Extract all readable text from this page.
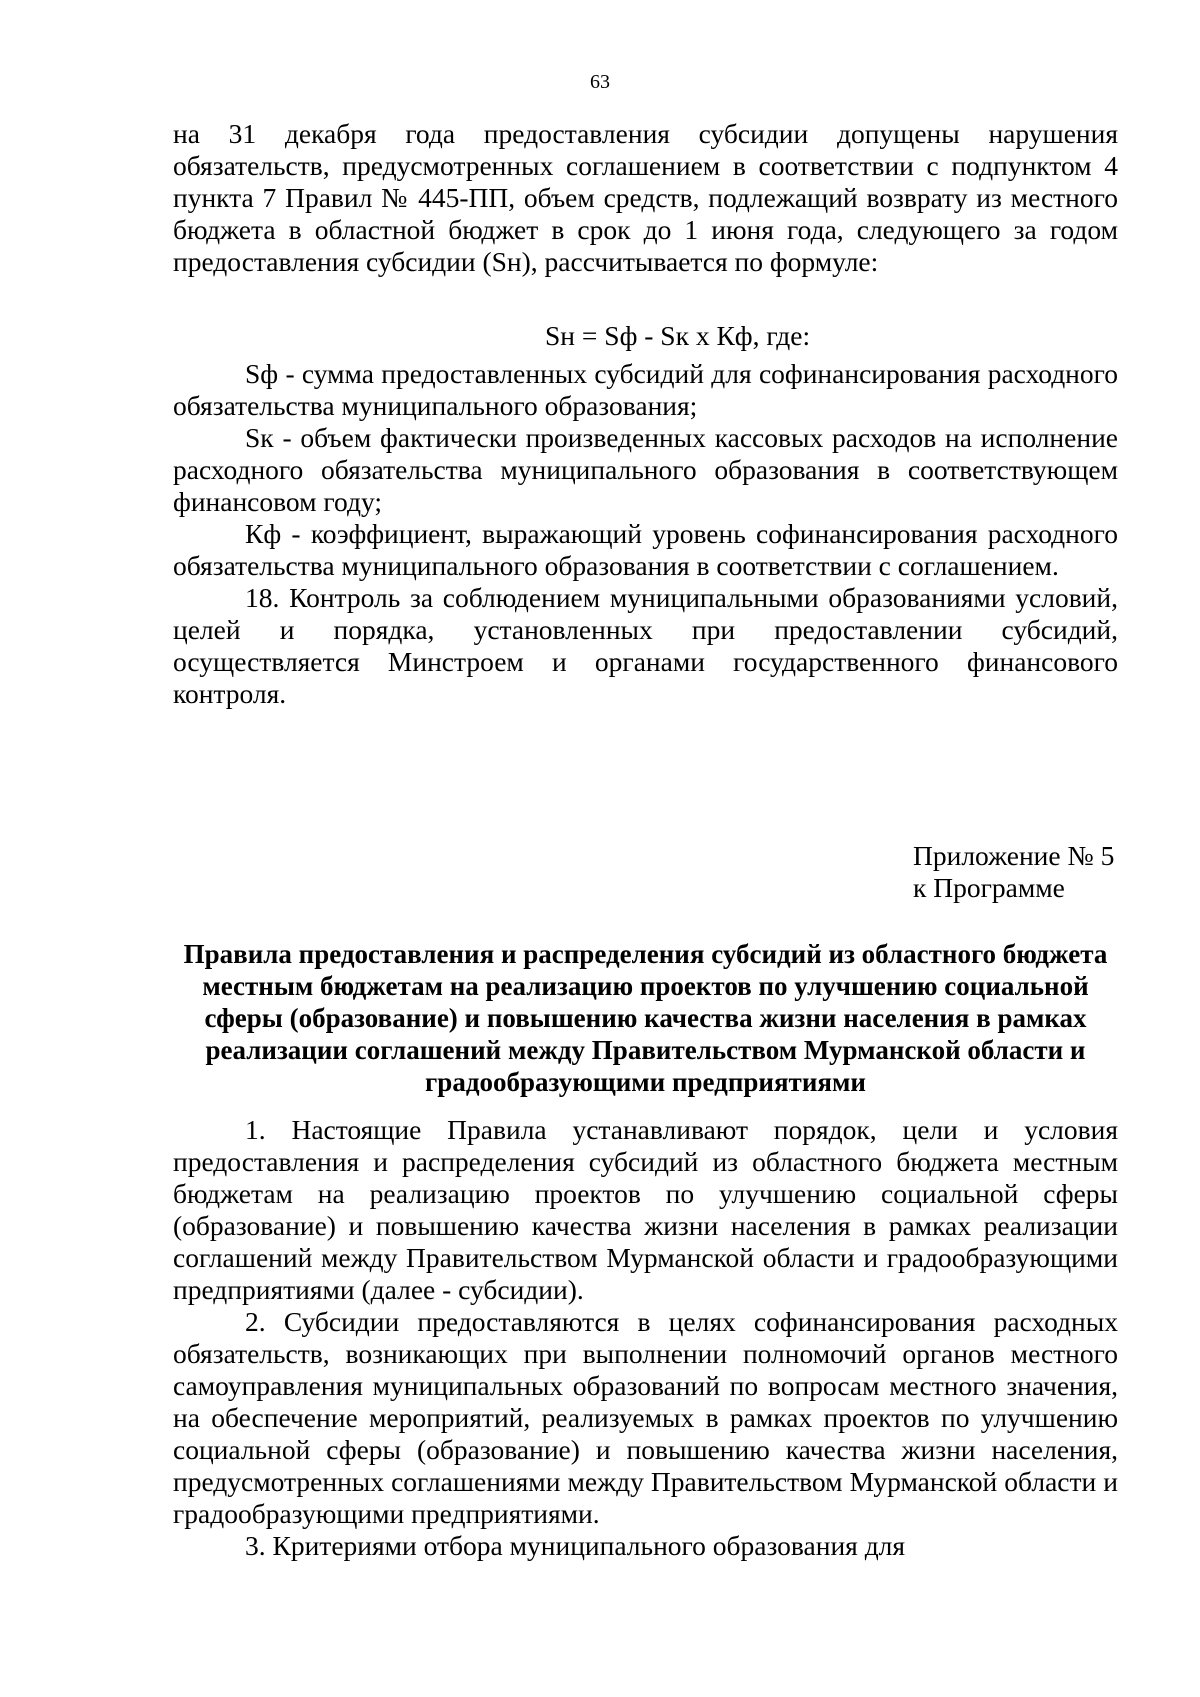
63

на 31 декабря года предоставления субсидии допущены нарушения обязательств, предусмотренных соглашением в соответствии с подпунктом 4 пункта 7 Правил № 445-ПП, объем средств, подлежащий возврату из местного бюджета в областной бюджет в срок до 1 июня года, следующего за годом предоставления субсидии (Sн), рассчитывается по формуле:

Sн = Sф - Sк x Кф, где:

Sф - сумма предоставленных субсидий для софинансирования расходного обязательства муниципального образования;

Sк - объем фактически произведенных кассовых расходов на исполнение расходного обязательства муниципального образования в соответствующем финансовом году;

Кф - коэффициент, выражающий уровень софинансирования расходного обязательства муниципального образования в соответствии с соглашением.

18. Контроль за соблюдением муниципальными образованиями условий, целей и порядка, установленных при предоставлении субсидий, осуществляется Минстроем и органами государственного финансового контроля.

Приложение № 5
к Программе
Правила предоставления и распределения субсидий из областного бюджета местным бюджетам на реализацию проектов по улучшению социальной сферы (образование) и повышению качества жизни населения в рамках реализации соглашений между Правительством Мурманской области и градообразующими предприятиями

1. Настоящие Правила устанавливают порядок, цели и условия предоставления и распределения субсидий из областного бюджета местным бюджетам на реализацию проектов по улучшению социальной сферы (образование) и повышению качества жизни населения в рамках реализации соглашений между Правительством Мурманской области и градообразующими предприятиями (далее - субсидии).

2. Субсидии предоставляются в целях софинансирования расходных обязательств, возникающих при выполнении полномочий органов местного самоуправления муниципальных образований по вопросам местного значения, на обеспечение мероприятий, реализуемых в рамках проектов по улучшению социальной сферы (образование) и повышению качества жизни населения, предусмотренных соглашениями между Правительством Мурманской области и градообразующими предприятиями.

3. Критериями отбора муниципального образования для
